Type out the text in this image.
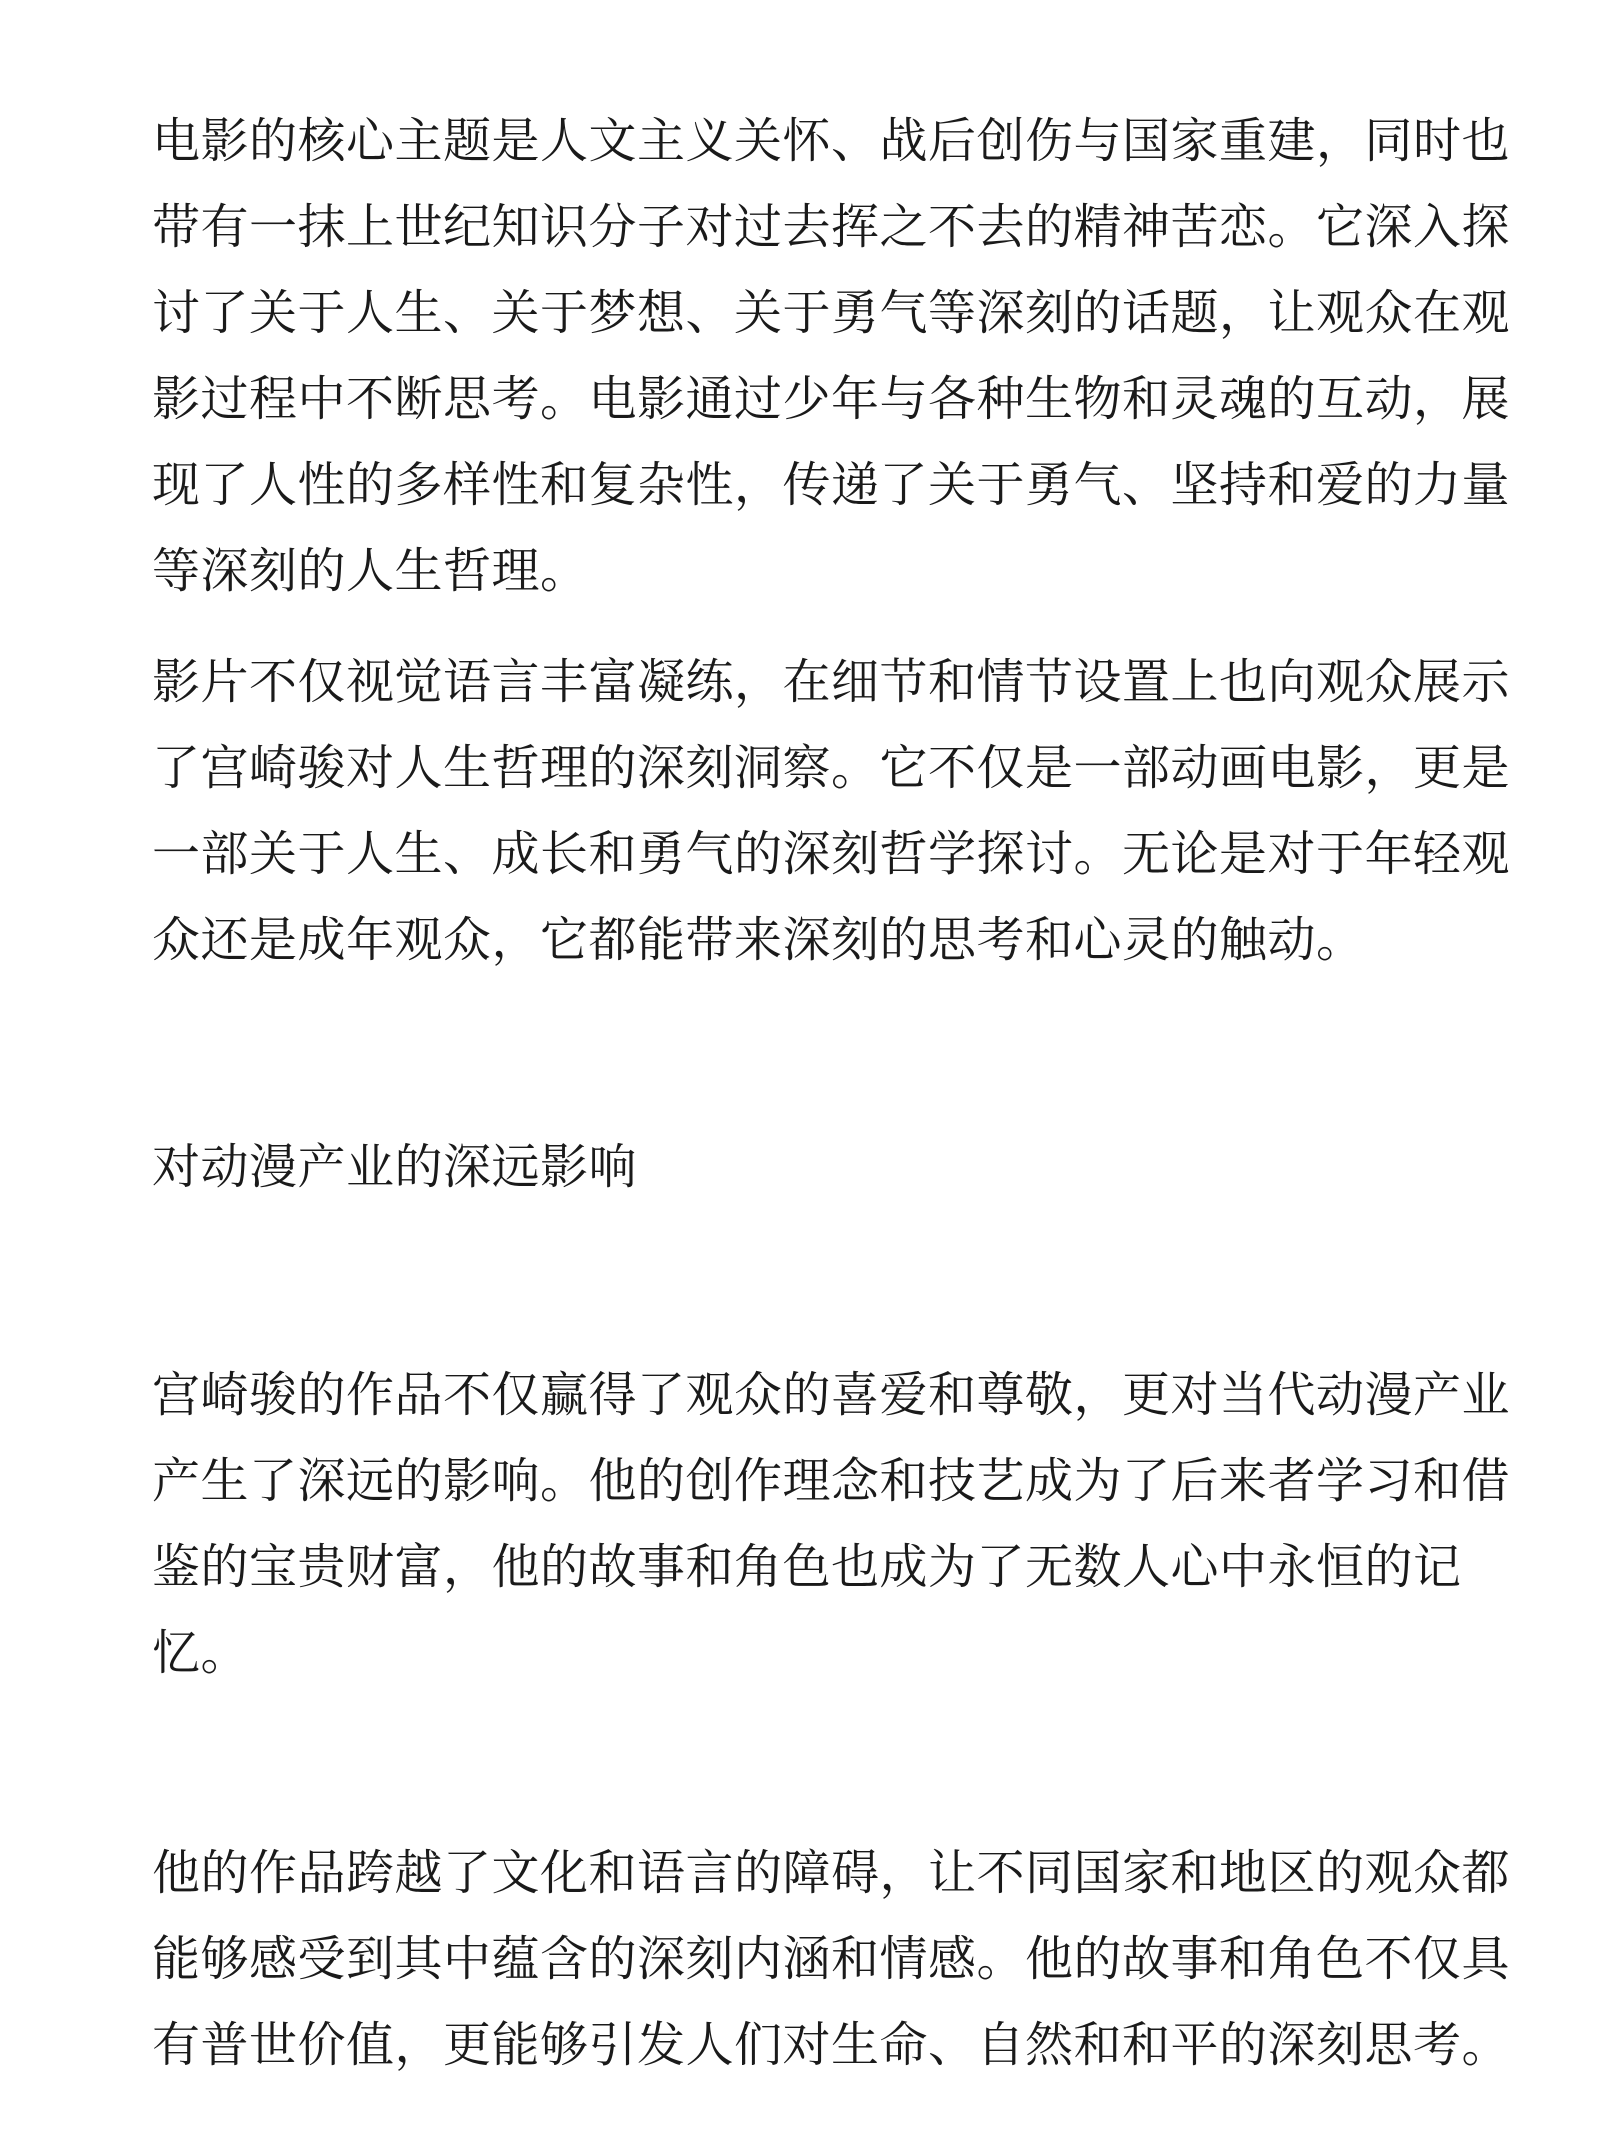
电影的核心主题是人文主义关怀、战后创伤与国家重建，同时也
带有一抹上世纪知识分子对过去挥之不去的精神苦恋。它深入探
讨了关于人生、关于梦想、关于勇气等深刻的话题，让观众在观
影过程中不断思考。电影通过少年与各种生物和灵魂的互动，展
现了人性的多样性和复杂性，传递了关于勇气、坚持和爱的力量
等深刻的人生哲理。
影片不仅视觉语言丰富凝练，在细节和情节设置上也向观众展示
了宫崎骏对人生哲理的深刻洞察。它不仅是一部动画电影，更是
一部关于人生、成长和勇气的深刻哲学探讨。无论是对于年轻观
众还是成年观众，它都能带来深刻的思考和心灵的触动。
对动漫产业的深远影响
宫崎骏的作品不仅赢得了观众的喜爱和尊敬，更对当代动漫产业
产生了深远的影响。他的创作理念和技艺成为了后来者学习和借
鉴的宝贵财富，他的故事和角色也成为了无数人心中永恒的记
忆。
他的作品跨越了文化和语言的障碍，让不同国家和地区的观众都
能够感受到其中蕴含的深刻内涵和情感。他的故事和角色不仅具
有普世价值，更能够引发人们对生命、自然和和平的深刻思考。
